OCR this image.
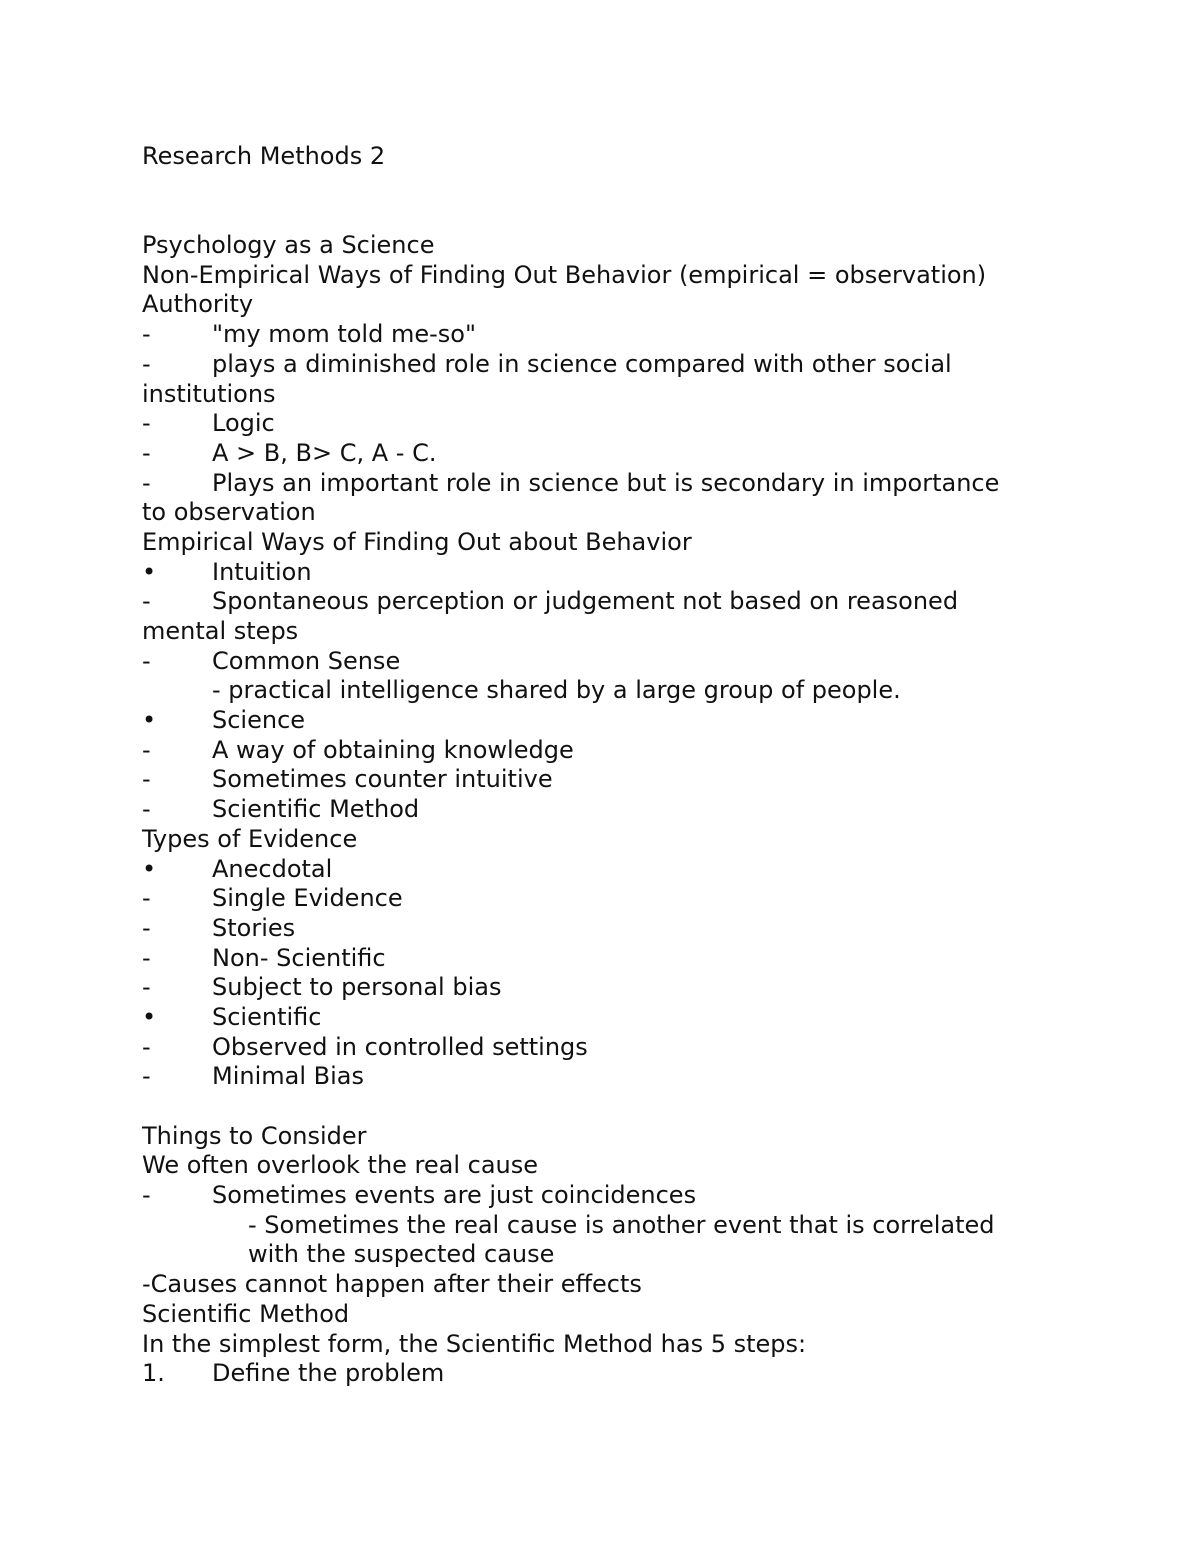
Research Methods 2
Psychology as a Science
Non-Empirical Ways of Finding Out Behavior (empirical = observation)
Authority
-	"my mom told me-so"
-	plays a diminished role in science compared with other social
institutions
-	Logic
-	A > B, B> C, A - C.
-	Plays an important role in science but is secondary in importance
to observation
Empirical Ways of Finding Out about Behavior
•	Intuition
-	Spontaneous perception or judgement not based on reasoned
mental steps
-	Common Sense
- practical intelligence shared by a large group of people.
•	Science
-	A way of obtaining knowledge
-	Sometimes counter intuitive
-	Scientific Method
Types of Evidence
•	Anecdotal
-	Single Evidence
-	Stories
-	Non- Scientific
-	Subject to personal bias
•	Scientific
-	Observed in controlled settings
-	Minimal Bias
Things to Consider
We often overlook the real cause
-	Sometimes events are just coincidences
- Sometimes the real cause is another event that is correlated
with the suspected cause
-Causes cannot happen after their effects
Scientific Method
In the simplest form, the Scientific Method has 5 steps:
1.	Define the problem
